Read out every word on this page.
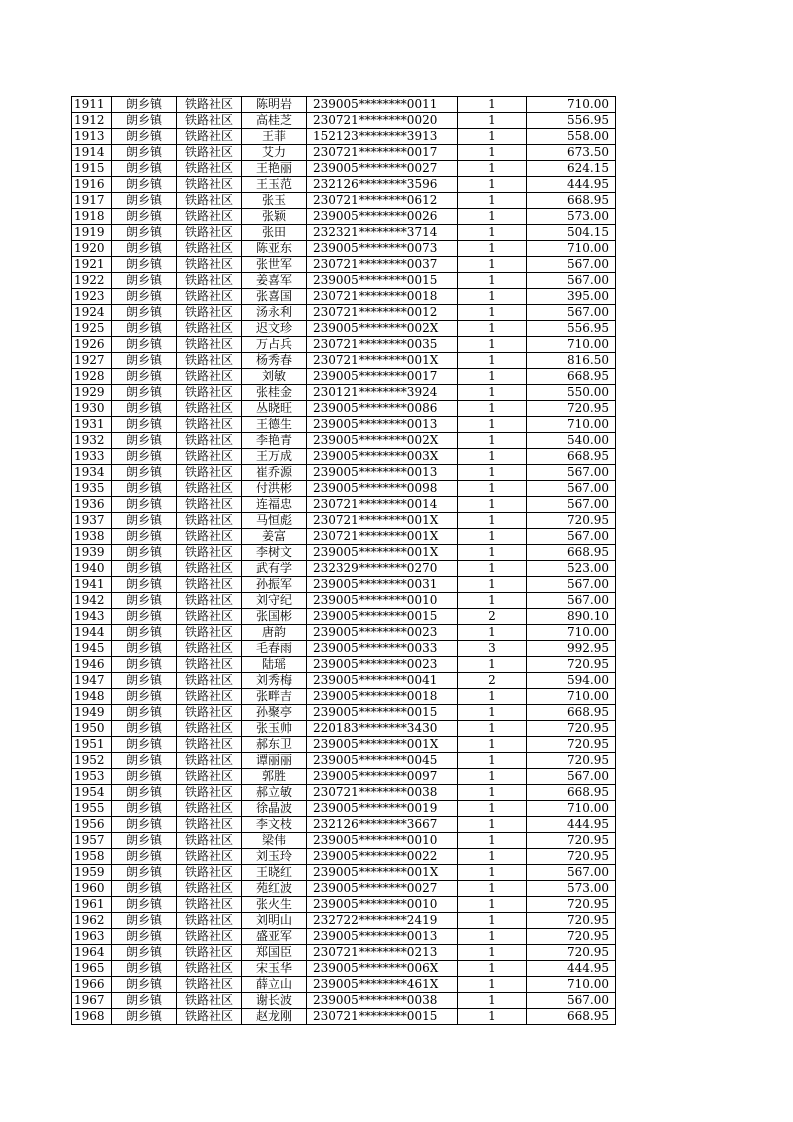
1911	朗乡镇	铁路社区	陈明岩	239005********0011	1	710.00
1912	朗乡镇	铁路社区	高桂芝	230721********0020	1	556.95
1913	朗乡镇	铁路社区	王菲	152123********3913	1	558.00
1914	朗乡镇	铁路社区	艾力	230721********0017	1	673.50
1915	朗乡镇	铁路社区	王艳丽	239005********0027	1	624.15
1916	朗乡镇	铁路社区	王玉范	232126********3596	1	444.95
1917	朗乡镇	铁路社区	张玉	230721********0612	1	668.95
1918	朗乡镇	铁路社区	张颖	239005********0026	1	573.00
1919	朗乡镇	铁路社区	张田	232321********3714	1	504.15
1920	朗乡镇	铁路社区	陈亚东	239005********0073	1	710.00
1921	朗乡镇	铁路社区	张世军	230721********0037	1	567.00
1922	朗乡镇	铁路社区	姜喜军	239005********0015	1	567.00
1923	朗乡镇	铁路社区	张喜国	230721********0018	1	395.00
1924	朗乡镇	铁路社区	汤永利	230721********0012	1	567.00
1925	朗乡镇	铁路社区	迟文珍	239005********002X	1	556.95
1926	朗乡镇	铁路社区	万占兵	230721********0035	1	710.00
1927	朗乡镇	铁路社区	杨秀春	230721********001X	1	816.50
1928	朗乡镇	铁路社区	刘敏	239005********0017	1	668.95
1929	朗乡镇	铁路社区	张桂金	230121********3924	1	550.00
1930	朗乡镇	铁路社区	丛晓旺	239005********0086	1	720.95
1931	朗乡镇	铁路社区	王德生	239005********0013	1	710.00
1932	朗乡镇	铁路社区	李艳青	239005********002X	1	540.00
1933	朗乡镇	铁路社区	王万成	239005********003X	1	668.95
1934	朗乡镇	铁路社区	崔乔源	239005********0013	1	567.00
1935	朗乡镇	铁路社区	付洪彬	239005********0098	1	567.00
1936	朗乡镇	铁路社区	连福忠	230721********0014	1	567.00
1937	朗乡镇	铁路社区	马恒彪	230721********001X	1	720.95
1938	朗乡镇	铁路社区	姜富	230721********001X	1	567.00
1939	朗乡镇	铁路社区	李树文	239005********001X	1	668.95
1940	朗乡镇	铁路社区	武有学	232329********0270	1	523.00
1941	朗乡镇	铁路社区	孙振军	239005********0031	1	567.00
1942	朗乡镇	铁路社区	刘守纪	239005********0010	1	567.00
1943	朗乡镇	铁路社区	张国彬	239005********0015	2	890.10
1944	朗乡镇	铁路社区	唐韵	239005********0023	1	710.00
1945	朗乡镇	铁路社区	毛春雨	239005********0033	3	992.95
1946	朗乡镇	铁路社区	陆瑶	239005********0023	1	720.95
1947	朗乡镇	铁路社区	刘秀梅	239005********0041	2	594.00
1948	朗乡镇	铁路社区	张畔吉	239005********0018	1	710.00
1949	朗乡镇	铁路社区	孙聚亭	239005********0015	1	668.95
1950	朗乡镇	铁路社区	张玉帅	220183********3430	1	720.95
1951	朗乡镇	铁路社区	郝东卫	239005********001X	1	720.95
1952	朗乡镇	铁路社区	谭丽丽	239005********0045	1	720.95
1953	朗乡镇	铁路社区	郭胜	239005********0097	1	567.00
1954	朗乡镇	铁路社区	郝立敏	230721********0038	1	668.95
1955	朗乡镇	铁路社区	徐晶波	239005********0019	1	710.00
1956	朗乡镇	铁路社区	李文枝	232126********3667	1	444.95
1957	朗乡镇	铁路社区	梁伟	239005********0010	1	720.95
1958	朗乡镇	铁路社区	刘玉玲	239005********0022	1	720.95
1959	朗乡镇	铁路社区	王晓红	239005********001X	1	567.00
1960	朗乡镇	铁路社区	苑红波	239005********0027	1	573.00
1961	朗乡镇	铁路社区	张火生	239005********0010	1	720.95
1962	朗乡镇	铁路社区	刘明山	232722********2419	1	720.95
1963	朗乡镇	铁路社区	盛亚军	239005********0013	1	720.95
1964	朗乡镇	铁路社区	郑国臣	230721********0213	1	720.95
1965	朗乡镇	铁路社区	宋玉华	239005********006X	1	444.95
1966	朗乡镇	铁路社区	薛立山	239005********461X	1	710.00
1967	朗乡镇	铁路社区	谢长波	239005********0038	1	567.00
1968	朗乡镇	铁路社区	赵龙刚	230721********0015	1	668.95
